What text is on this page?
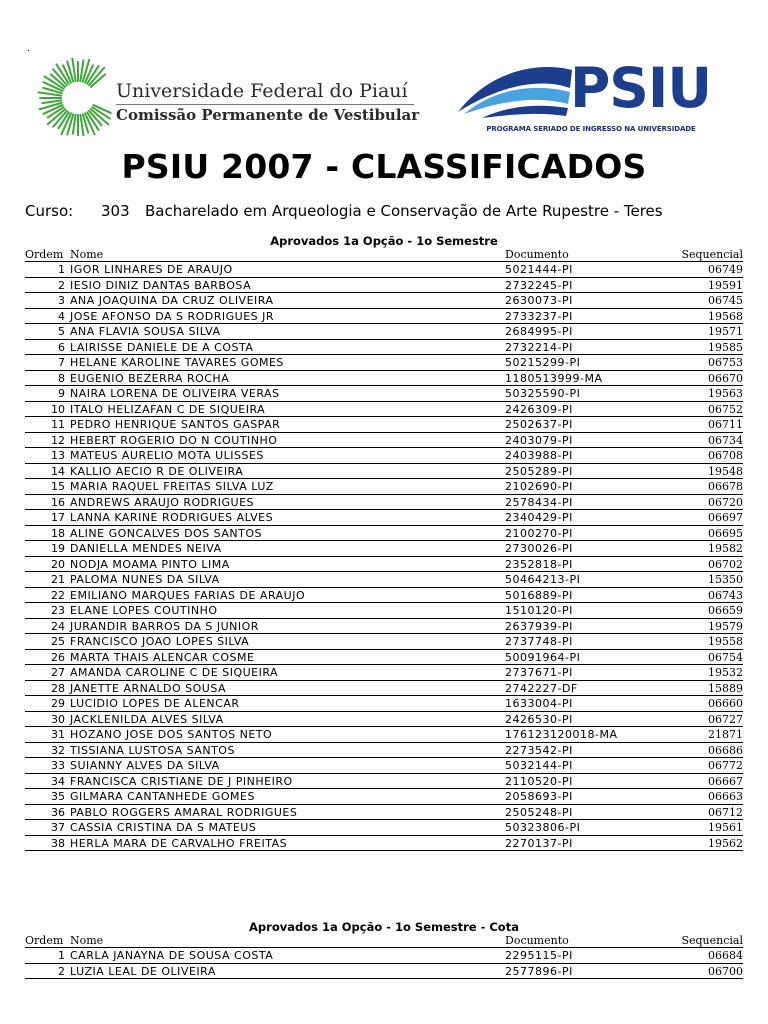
.
Universidade Federal do Piauí
Comissão Permanente de Vestibular	PSIU
PROGRAMA SERIADO DE INGRESSO NA UNIVERSIDADE
PSIU 2007 - CLASSIFICADOS
Curso: 303 Bacharelado em Arqueologia e Conservação de Arte Rupestre - Teres
Aprovados 1a Opção - 1o Semestre
Ordem Nome	Documento	Sequencial
1 IGOR LINHARES DE ARAUJO	5021444-PI	06749
2 IESIO DINIZ DANTAS BARBOSA	2732245-PI	19591
3 ANA JOAQUINA DA CRUZ OLIVEIRA	2630073-PI	06745
4 JOSE AFONSO DA S RODRIGUES JR	2733237-PI	19568
5 ANA FLAVIA SOUSA SILVA	2684995-PI	19571
6 LAIRISSE DANIELE DE A COSTA	2732214-PI	19585
7 HELANE KAROLINE TAVARES GOMES	50215299-PI	06753
8 EUGENIO BEZERRA ROCHA	1180513999-MA	06670
9 NAIRA LORENA DE OLIVEIRA VERAS	50325590-PI	19563
10 ITALO HELIZAFAN C DE SIQUEIRA	2426309-PI	06752
11 PEDRO HENRIQUE SANTOS GASPAR	2502637-PI	06711
12 HEBERT ROGERIO DO N COUTINHO	2403079-PI	06734
13 MATEUS AURELIO MOTA ULISSES	2403988-PI	06708
14 KALLIO AECIO R DE OLIVEIRA	2505289-PI	19548
15 MARIA RAQUEL FREITAS SILVA LUZ	2102690-PI	06678
16 ANDREWS ARAUJO RODRIGUES	2578434-PI	06720
17 LANNA KARINE RODRIGUES ALVES	2340429-PI	06697
18 ALINE GONCALVES DOS SANTOS	2100270-PI	06695
19 DANIELLA MENDES NEIVA	2730026-PI	19582
20 NODJA MOAMA PINTO LIMA	2352818-PI	06702
21 PALOMA NUNES DA SILVA	50464213-PI	15350
22 EMILIANO MARQUES FARIAS DE ARAUJO	5016889-PI	06743
23 ELANE LOPES COUTINHO	1510120-PI	06659
24 JURANDIR BARROS DA S JUNIOR	2637939-PI	19579
25 FRANCISCO JOAO LOPES SILVA	2737748-PI	19558
26 MARTA THAIS ALENCAR COSME	50091964-PI	06754
27 AMANDA CAROLINE C DE SIQUEIRA	2737671-PI	19532
28 JANETTE ARNALDO SOUSA	2742227-DF	15889
29 LUCIDIO LOPES DE ALENCAR	1633004-PI	06660
30 JACKLENILDA ALVES SILVA	2426530-PI	06727
31 HOZANO JOSE DOS SANTOS NETO	176123120018-MA	21871
32 TISSIANA LUSTOSA SANTOS	2273542-PI	06686
33 SUIANNY ALVES DA SILVA	5032144-PI	06772
34 FRANCISCA CRISTIANE DE J PINHEIRO	2110520-PI	06667
35 GILMARA CANTANHEDE GOMES	2058693-PI	06663
36 PABLO ROGGERS AMARAL RODRIGUES	2505248-PI	06712
37 CASSIA CRISTINA DA S MATEUS	50323806-PI	19561
38 HERLA MARA DE CARVALHO FREITAS	2270137-PI	19562
Aprovados 1a Opção - 1o Semestre - Cota
Ordem Nome	Documento	Sequencial
1 CARLA JANAYNA DE SOUSA COSTA	2295115-PI	06684
2 LUZIA LEAL DE OLIVEIRA	2577896-PI	06700
